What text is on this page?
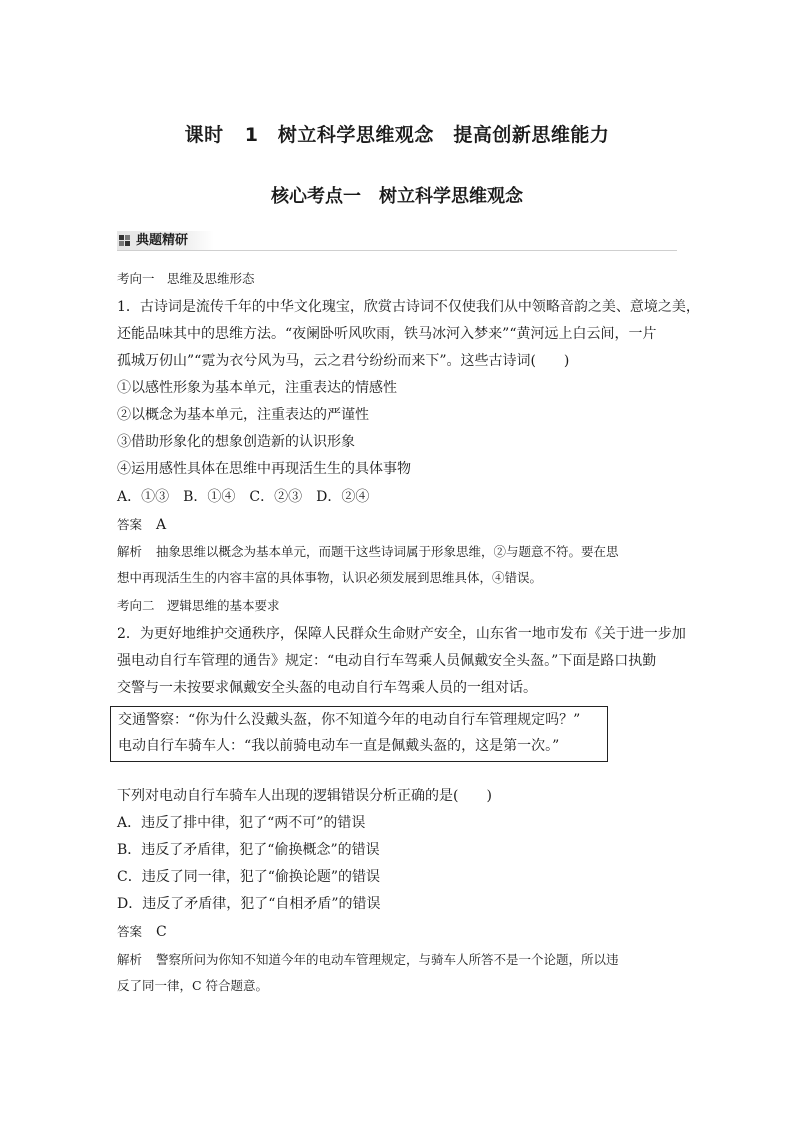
课时 1　树立科学思维观念　提高创新思维能力
核心考点一　树立科学思维观念
典题精研
考向一　思维及思维形态
1．古诗词是流传千年的中华文化瑰宝，欣赏古诗词不仅使我们从中领略音韵之美、意境之美，
还能品味其中的思维方法。“夜阑卧听风吹雨，铁马冰河入梦来”“黄河远上白云间，一片
孤城万仞山”“霓为衣兮风为马，云之君兮纷纷而来下”。这些古诗词(　　)
①以感性形象为基本单元，注重表达的情感性
②以概念为基本单元，注重表达的严谨性
③借助形象化的想象创造新的认识形象
④运用感性具体在思维中再现活生生的具体事物
A．①③　B．①④　C．②③　D．②④
答案 A
解析 抽象思维以概念为基本单元，而题干这些诗词属于形象思维，②与题意不符。要在思
想中再现活生生的内容丰富的具体事物，认识必须发展到思维具体，④错误。
考向二　逻辑思维的基本要求
2．为更好地维护交通秩序，保障人民群众生命财产安全，山东省一地市发布《关于进一步加
强电动自行车管理的通告》规定：“电动自行车驾乘人员佩戴安全头盔。”下面是路口执勤
交警与一未按要求佩戴安全头盔的电动自行车驾乘人员的一组对话。
交通警察：“你为什么没戴头盔，你不知道今年的电动自行车管理规定吗？”
电动自行车骑车人：“我以前骑电动车一直是佩戴头盔的，这是第一次。”
下列对电动自行车骑车人出现的逻辑错误分析正确的是(　　)
A．违反了排中律，犯了“两不可”的错误
B．违反了矛盾律，犯了“偷换概念”的错误
C．违反了同一律，犯了“偷换论题”的错误
D．违反了矛盾律，犯了“自相矛盾”的错误
答案 C
解析 警察所问为你知不知道今年的电动车管理规定，与骑车人所答不是一个论题，所以违
反了同一律，C 符合题意。
